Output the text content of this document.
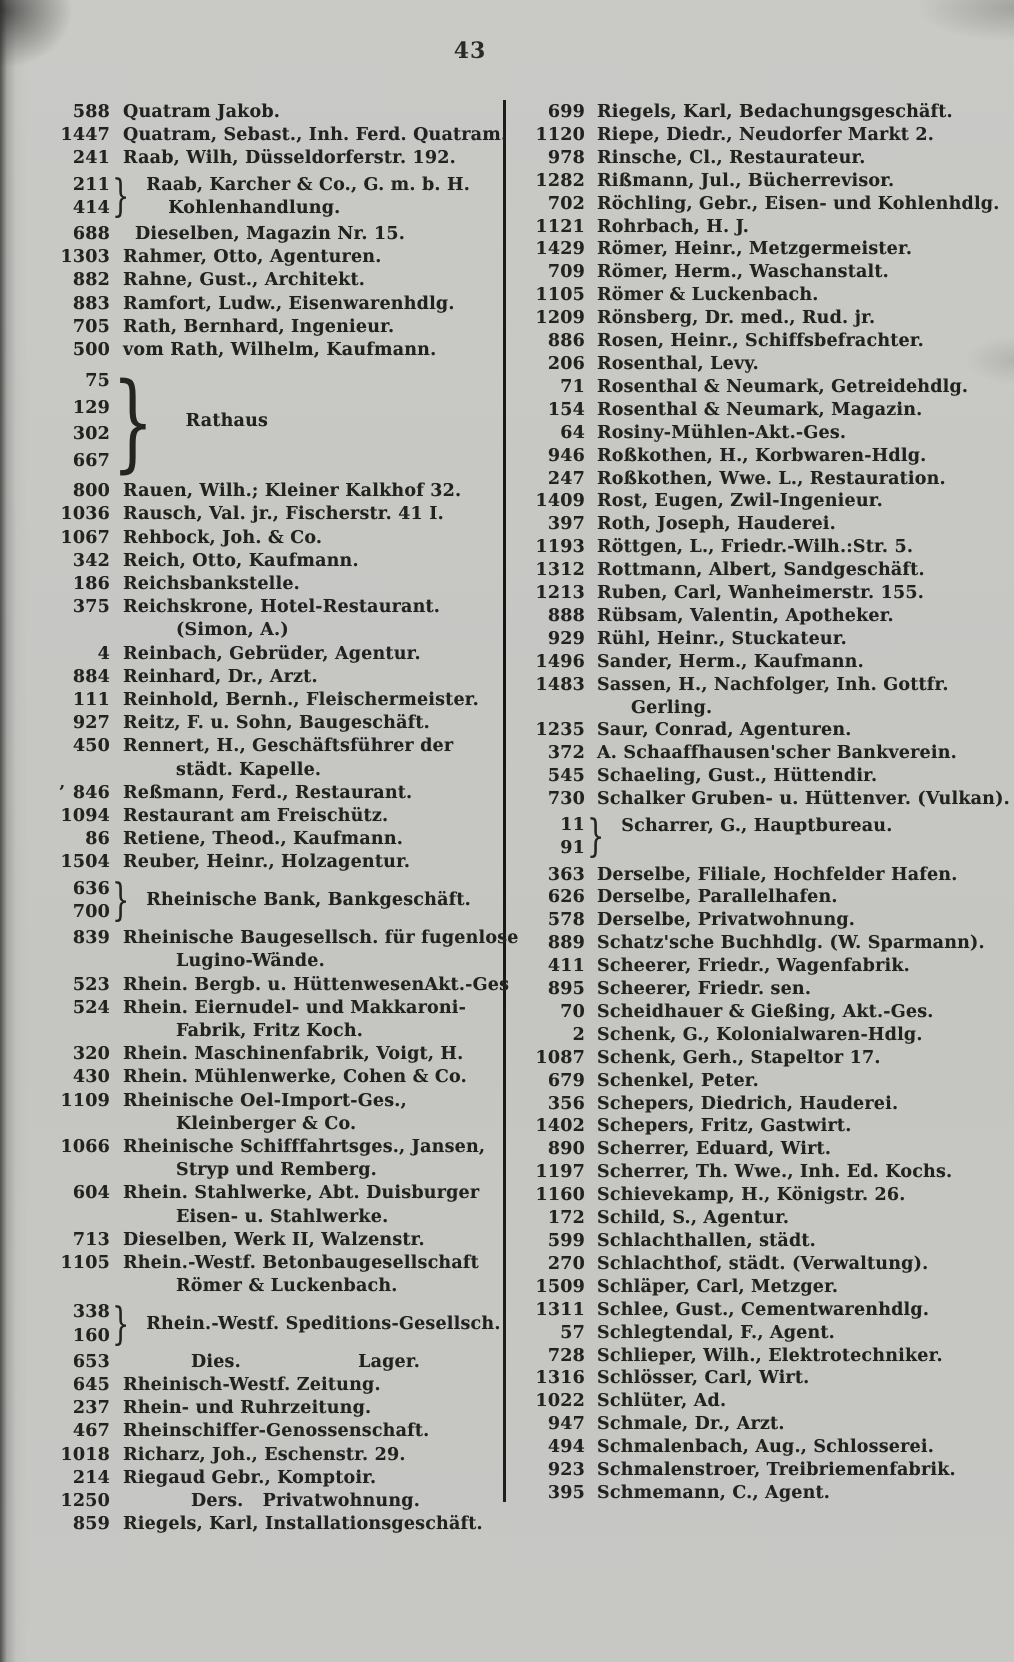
43
588 Quatram Jakob.
1447 Quatram, Sebast., Inh. Ferd. Quatram.
241 Raab, Wilh, Düsseldorferstr. 192.
211
414 } Raab, Karcher & Co., G. m. b. H.
Kohlenhandlung.
688	Dieselben, Magazin Nr. 15.
1303 Rahmer, Otto, Agenturen.
882 Rahne, Gust., Architekt.
883 Ramfort, Ludw., Eisenwarenhdlg.
705 Rath, Bernhard, Ingenieur.
500 vom Rath, Wilhelm, Kaufmann.
75
129
302
667 } Rathaus
800 Rauen, Wilh.; Kleiner Kalkhof 32.
1036 Rausch, Val. jr., Fischerstr. 41 I.
1067 Rehbock, Joh. & Co.
342 Reich, Otto, Kaufmann.
186 Reichsbankstelle.
375 Reichskrone, Hotel-Restaurant.
(Simon, A.)
4 Reinbach, Gebrüder, Agentur.
884 Reinhard, Dr., Arzt.
111 Reinhold, Bernh., Fleischermeister.
927 Reitz, F. u. Sohn, Baugeschäft.
450 Rennert, H., Geschäftsführer der
städt. Kapelle.
’ 846 Reßmann, Ferd., Restaurant.
1094 Restaurant am Freischütz.
86 Retiene, Theod., Kaufmann.
1504 Reuber, Heinr., Holzagentur.
636
700 } Rheinische Bank, Bankgeschäft.
839 Rheinische Baugesellsch. für fugenlose
Lugino-Wände.
523 Rhein. Bergb. u. HüttenwesenAkt.-Ges
524 Rhein. Eiernudel- und Makkaroni-
Fabrik, Fritz Koch.
320 Rhein. Maschinenfabrik, Voigt, H.
430 Rhein. Mühlenwerke, Cohen & Co.
1109 Rheinische Oel-Import-Ges.,
Kleinberger & Co.
1066 Rheinische Schifffahrtsges., Jansen,
Stryp und Remberg.
604 Rhein. Stahlwerke, Abt. Duisburger
Eisen- u. Stahlwerke.
713 Dieselben, Werk II, Walzenstr.
1105 Rhein.-Westf. Betonbaugesellschaft
Römer & Luckenbach.
338
160 } Rhein.-Westf. Speditions-Gesellsch.
653	Dies.	Lager.
645 Rheinisch-Westf. Zeitung.
237 Rhein- und Ruhrzeitung.
467 Rheinschiffer-Genossenschaft.
1018 Richarz, Joh., Eschenstr. 29.
214 Riegaud Gebr., Komptoir.
1250	Ders. Privatwohnung.
859 Riegels, Karl, Installationsgeschäft.
699 Riegels, Karl, Bedachungsgeschäft.
1120 Riepe, Diedr., Neudorfer Markt 2.
978 Rinsche, Cl., Restaurateur.
1282 Rißmann, Jul., Bücherrevisor.
702 Röchling, Gebr., Eisen- und Kohlenhdlg.
1121 Rohrbach, H. J.
1429 Römer, Heinr., Metzgermeister.
709 Römer, Herm., Waschanstalt.
1105 Römer & Luckenbach.
1209 Rönsberg, Dr. med., Rud. jr.
886 Rosen, Heinr., Schiffsbefrachter.
206 Rosenthal, Levy.
71 Rosenthal & Neumark, Getreidehdlg.
154 Rosenthal & Neumark, Magazin.
64 Rosiny-Mühlen-Akt.-Ges.
946 Roßkothen, H., Korbwaren-Hdlg.
247 Roßkothen, Wwe. L., Restauration.
1409 Rost, Eugen, Zwil-Ingenieur.
397 Roth, Joseph, Hauderei.
1193 Röttgen, L., Friedr.-Wilh.:Str. 5.
1312 Rottmann, Albert, Sandgeschäft.
1213 Ruben, Carl, Wanheimerstr. 155.
888 Rübsam, Valentin, Apotheker.
929 Rühl, Heinr., Stuckateur.
1496 Sander, Herm., Kaufmann.
1483 Sassen, H., Nachfolger, Inh. Gottfr.
Gerling.
1235 Saur, Conrad, Agenturen.
372 A. Schaaffhausen'scher Bankverein.
545 Schaeling, Gust., Hüttendir.
730 Schalker Gruben- u. Hüttenver. (Vulkan).
11
91 } Scharrer, G., Hauptbureau.
363 Derselbe, Filiale, Hochfelder Hafen.
626 Derselbe, Parallelhafen.
578 Derselbe, Privatwohnung.
889 Schatz'sche Buchhdlg. (W. Sparmann).
411 Scheerer, Friedr., Wagenfabrik.
895 Scheerer, Friedr. sen.
70 Scheidhauer & Gießing, Akt.-Ges.
2 Schenk, G., Kolonialwaren-Hdlg.
1087 Schenk, Gerh., Stapeltor 17.
679 Schenkel, Peter.
356 Schepers, Diedrich, Hauderei.
1402 Schepers, Fritz, Gastwirt.
890 Scherrer, Eduard, Wirt.
1197 Scherrer, Th. Wwe., Inh. Ed. Kochs.
1160 Schievekamp, H., Königstr. 26.
172 Schild, S., Agentur.
599 Schlachthallen, städt.
270 Schlachthof, städt. (Verwaltung).
1509 Schläper, Carl, Metzger.
1311 Schlee, Gust., Cementwarenhdlg.
57 Schlegtendal, F., Agent.
728 Schlieper, Wilh., Elektrotechniker.
1316 Schlösser, Carl, Wirt.
1022 Schlüter, Ad.
947 Schmale, Dr., Arzt.
494 Schmalenbach, Aug., Schlosserei.
923 Schmalenstroer, Treibriemenfabrik.
395 Schmemann, C., Agent.
